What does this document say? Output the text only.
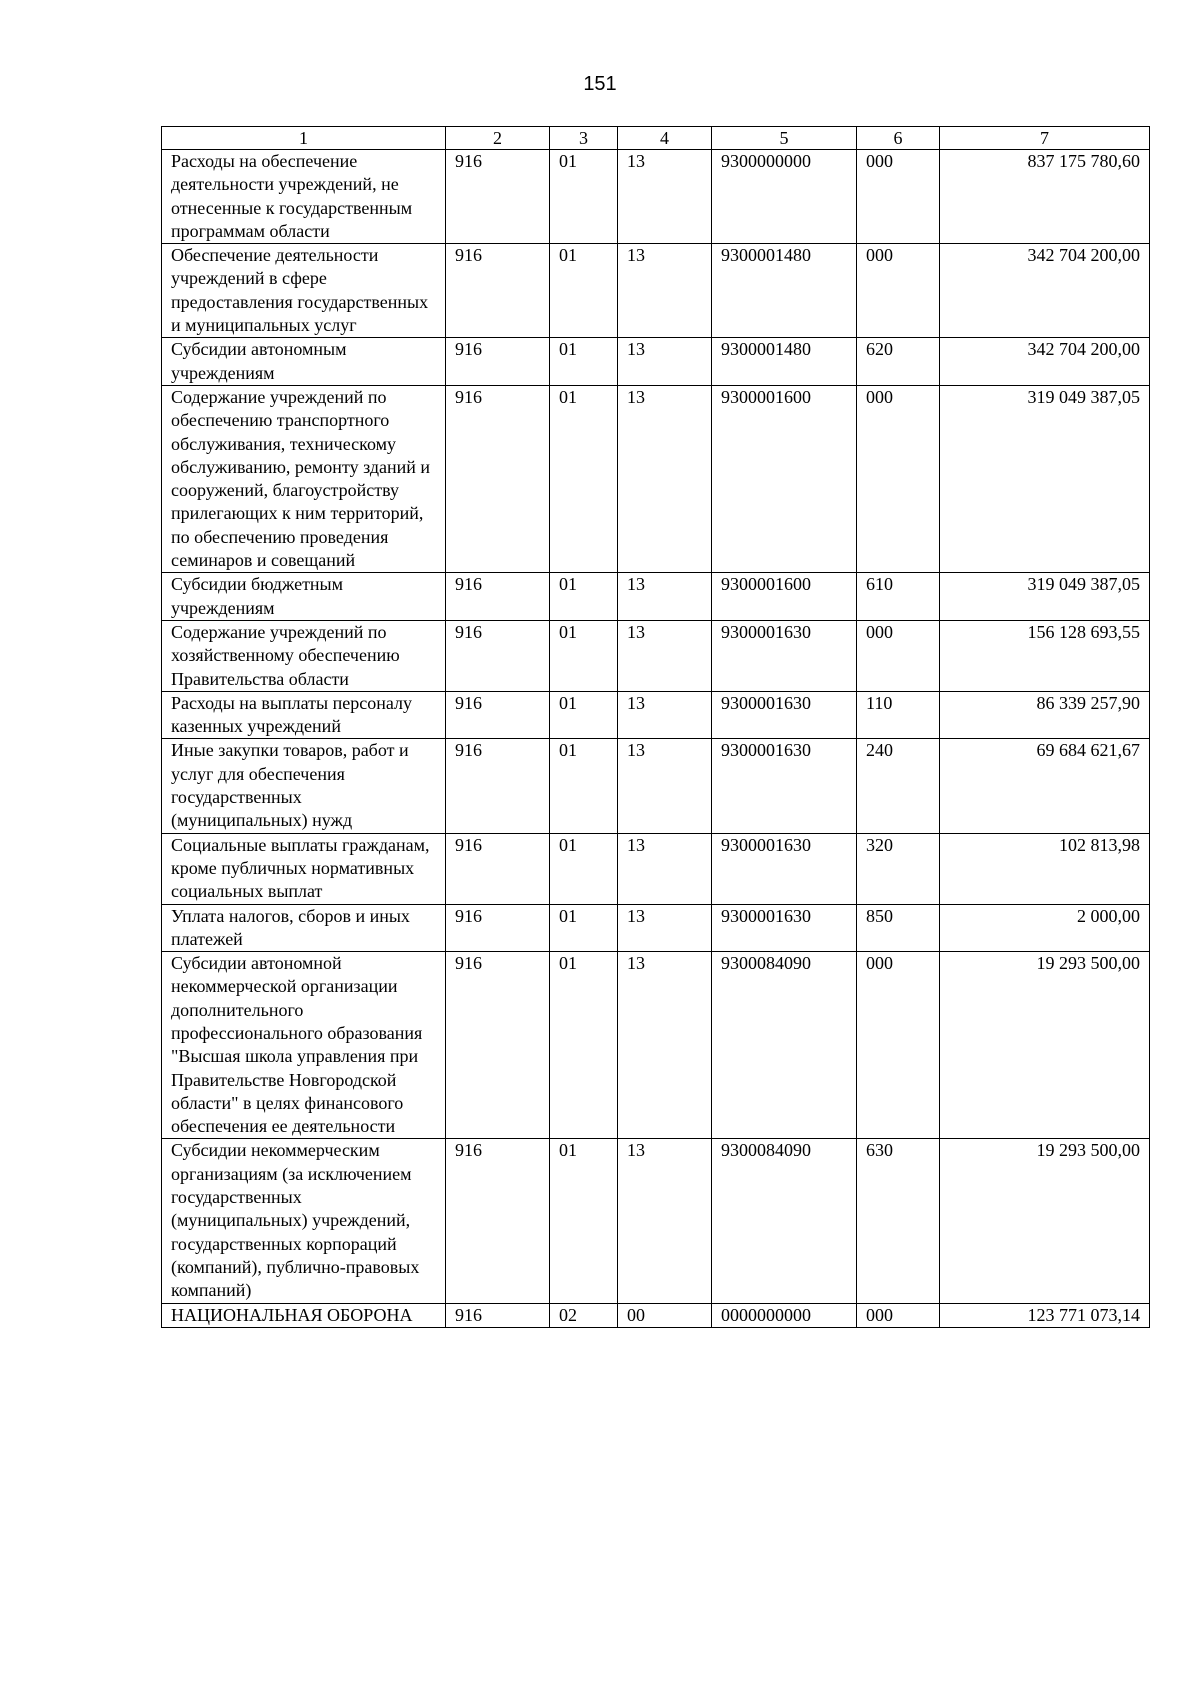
151
1	2	3	4	5	6	7
Расходы на обеспечение деятельности учреждений, не отнесенные к государственным программам области	916	01	13	9300000000	000	837 175 780,60
Обеспечение деятельности учреждений в сфере предоставления государственных и муниципальных услуг	916	01	13	9300001480	000	342 704 200,00
Субсидии автономным учреждениям	916	01	13	9300001480	620	342 704 200,00
Содержание учреждений по обеспечению транспортного обслуживания, техническому обслуживанию, ремонту зданий и сооружений, благоустройству прилегающих к ним территорий, по обеспечению проведения семинаров и совещаний	916	01	13	9300001600	000	319 049 387,05
Субсидии бюджетным учреждениям	916	01	13	9300001600	610	319 049 387,05
Содержание учреждений по хозяйственному обеспечению Правительства области	916	01	13	9300001630	000	156 128 693,55
Расходы на выплаты персоналу казенных учреждений	916	01	13	9300001630	110	86 339 257,90
Иные закупки товаров, работ и услуг для обеспечения государственных (муниципальных) нужд	916	01	13	9300001630	240	69 684 621,67
Социальные выплаты гражданам, кроме публичных нормативных социальных выплат	916	01	13	9300001630	320	102 813,98
Уплата налогов, сборов и иных платежей	916	01	13	9300001630	850	2 000,00
Субсидии автономной некоммерческой организации дополнительного профессионального образования "Высшая школа управления при Правительстве Новгородской области" в целях финансового обеспечения ее деятельности	916	01	13	9300084090	000	19 293 500,00
Субсидии некоммерческим организациям (за исключением государственных (муниципальных) учреждений, государственных корпораций (компаний), публично-правовых компаний)	916	01	13	9300084090	630	19 293 500,00
НАЦИОНАЛЬНАЯ ОБОРОНА	916	02	00	0000000000	000	123 771 073,14
